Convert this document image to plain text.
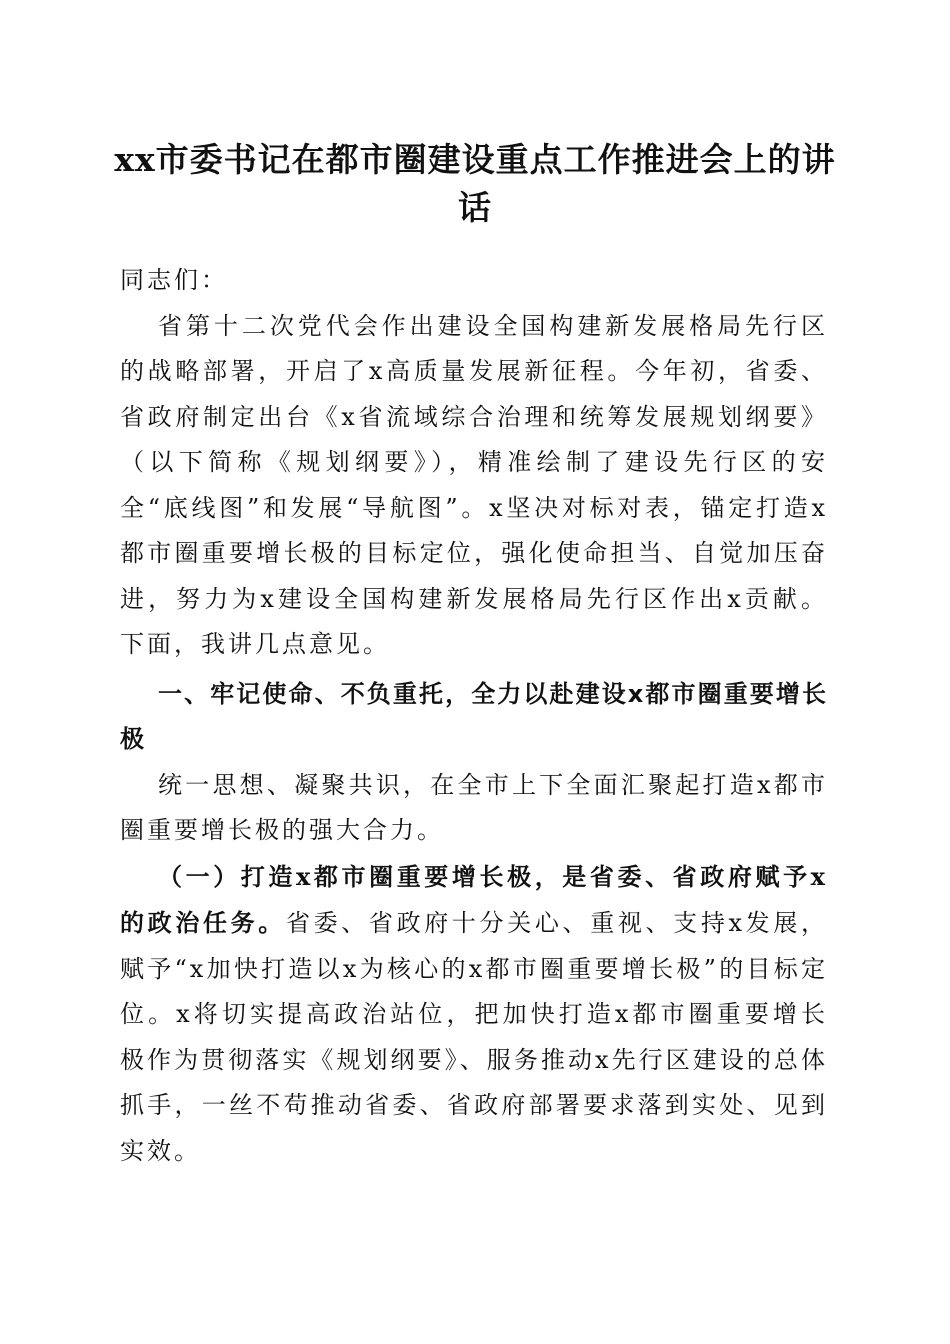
xx市委书记在都市圈建设重点工作推进会上的讲话

同志们：

省第十二次党代会作出建设全国构建新发展格局先行区的战略部署，开启了x高质量发展新征程。今年初，省委、省政府制定出台《x省流域综合治理和统筹发展规划纲要》（以下简称《规划纲要》），精准绘制了建设先行区的安全“底线图”和发展“导航图”。x坚决对标对表，锚定打造x都市圈重要增长极的目标定位，强化使命担当、自觉加压奋进，努力为x建设全国构建新发展格局先行区作出x贡献。下面，我讲几点意见。

一、牢记使命、不负重托，全力以赴建设x都市圈重要增长极

统一思想、凝聚共识，在全市上下全面汇聚起打造x都市圈重要增长极的强大合力。

（一）打造x都市圈重要增长极，是省委、省政府赋予x的政治任务。省委、省政府十分关心、重视、支持x发展，赋予“x加快打造以x为核心的x都市圈重要增长极”的目标定位。x将切实提高政治站位，把加快打造x都市圈重要增长极作为贯彻落实《规划纲要》、服务推动x先行区建设的总体抓手，一丝不苟推动省委、省政府部署要求落到实处、见到实效。
